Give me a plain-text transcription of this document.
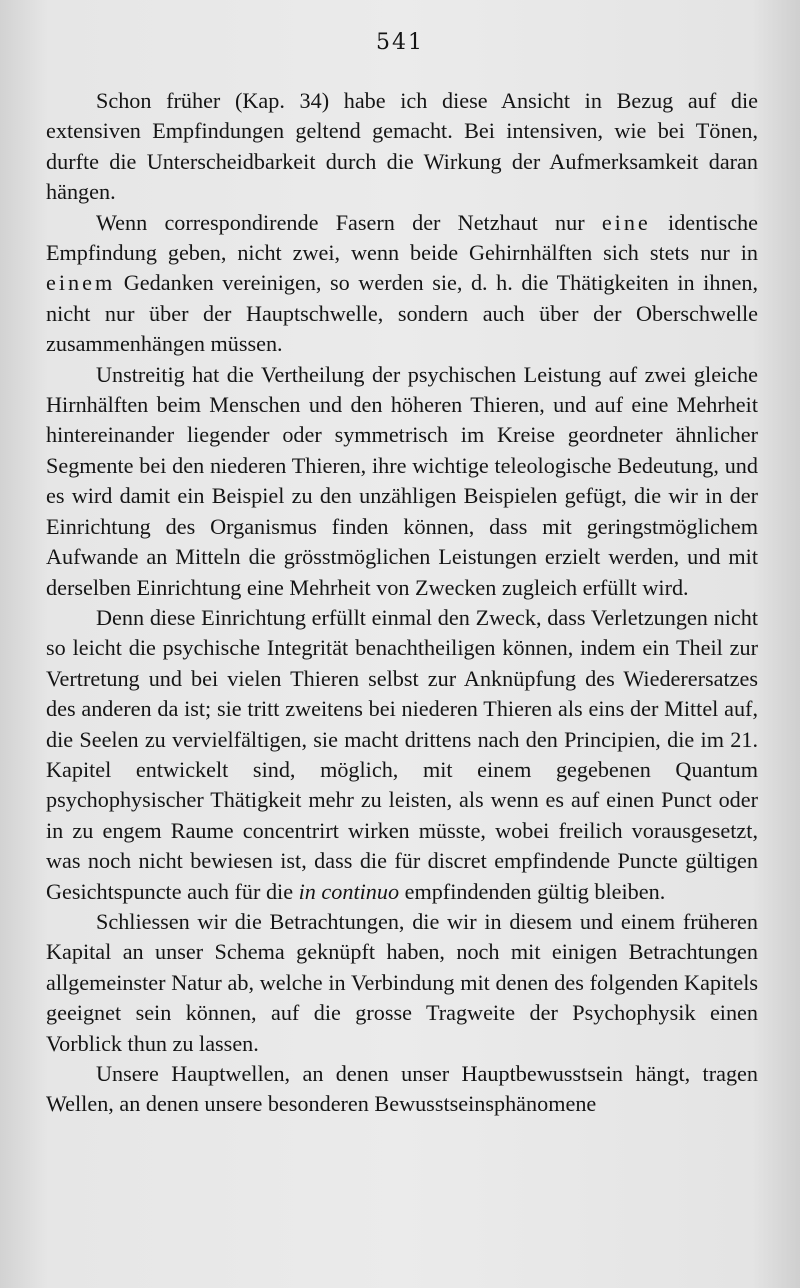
541

Schon früher (Kap. 34) habe ich diese Ansicht in Bezug auf die extensiven Empfindungen geltend gemacht. Bei intensiven, wie bei Tönen, durfte die Unterscheidbarkeit durch die Wirkung der Aufmerksamkeit daran hängen.

Wenn correspondirende Fasern der Netzhaut nur eine identische Empfindung geben, nicht zwei, wenn beide Gehirnhälften sich stets nur in einem Gedanken vereinigen, so werden sie, d. h. die Thätigkeiten in ihnen, nicht nur über der Hauptschwelle, sondern auch über der Oberschwelle zusammenhängen müssen.

Unstreitig hat die Vertheilung der psychischen Leistung auf zwei gleiche Hirnhälften beim Menschen und den höheren Thieren, und auf eine Mehrheit hintereinander liegender oder symmetrisch im Kreise geordneter ähnlicher Segmente bei den niederen Thieren, ihre wichtige teleologische Bedeutung, und es wird damit ein Beispiel zu den unzähligen Beispielen gefügt, die wir in der Einrichtung des Organismus finden können, dass mit geringstmöglichem Aufwande an Mitteln die grösstmöglichen Leistungen erzielt werden, und mit derselben Einrichtung eine Mehrheit von Zwecken zugleich erfüllt wird.

Denn diese Einrichtung erfüllt einmal den Zweck, dass Verletzungen nicht so leicht die psychische Integrität benachtheiligen können, indem ein Theil zur Vertretung und bei vielen Thieren selbst zur Anknüpfung des Wiederersatzes des anderen da ist; sie tritt zweitens bei niederen Thieren als eins der Mittel auf, die Seelen zu vervielfältigen, sie macht drittens nach den Principien, die im 21. Kapitel entwickelt sind, möglich, mit einem gegebenen Quantum psychophysischer Thätigkeit mehr zu leisten, als wenn es auf einen Punct oder in zu engem Raume concentrirt wirken müsste, wobei freilich vorausgesetzt, was noch nicht bewiesen ist, dass die für discret empfindende Puncte gültigen Gesichtspuncte auch für die in continuo empfindenden gültig bleiben.

Schliessen wir die Betrachtungen, die wir in diesem und einem früheren Kapital an unser Schema geknüpft haben, noch mit einigen Betrachtungen allgemeinster Natur ab, welche in Verbindung mit denen des folgenden Kapitels geeignet sein können, auf die grosse Tragweite der Psychophysik einen Vorblick thun zu lassen.

Unsere Hauptwellen, an denen unser Hauptbewusstsein hängt, tragen Wellen, an denen unsere besonderen Bewusstseinsphänomene
